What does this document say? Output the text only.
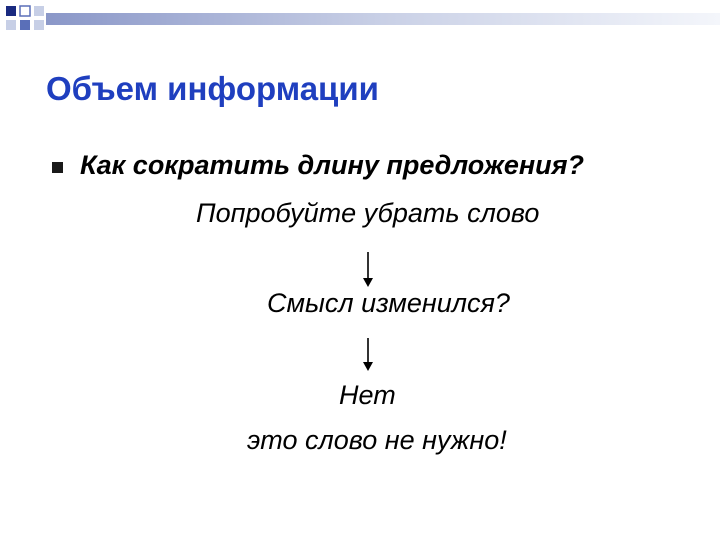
Объем информации
Как сократить длину предложения?
Попробуйте убрать слово
Смысл изменился?
Нет
это слово не нужно!
